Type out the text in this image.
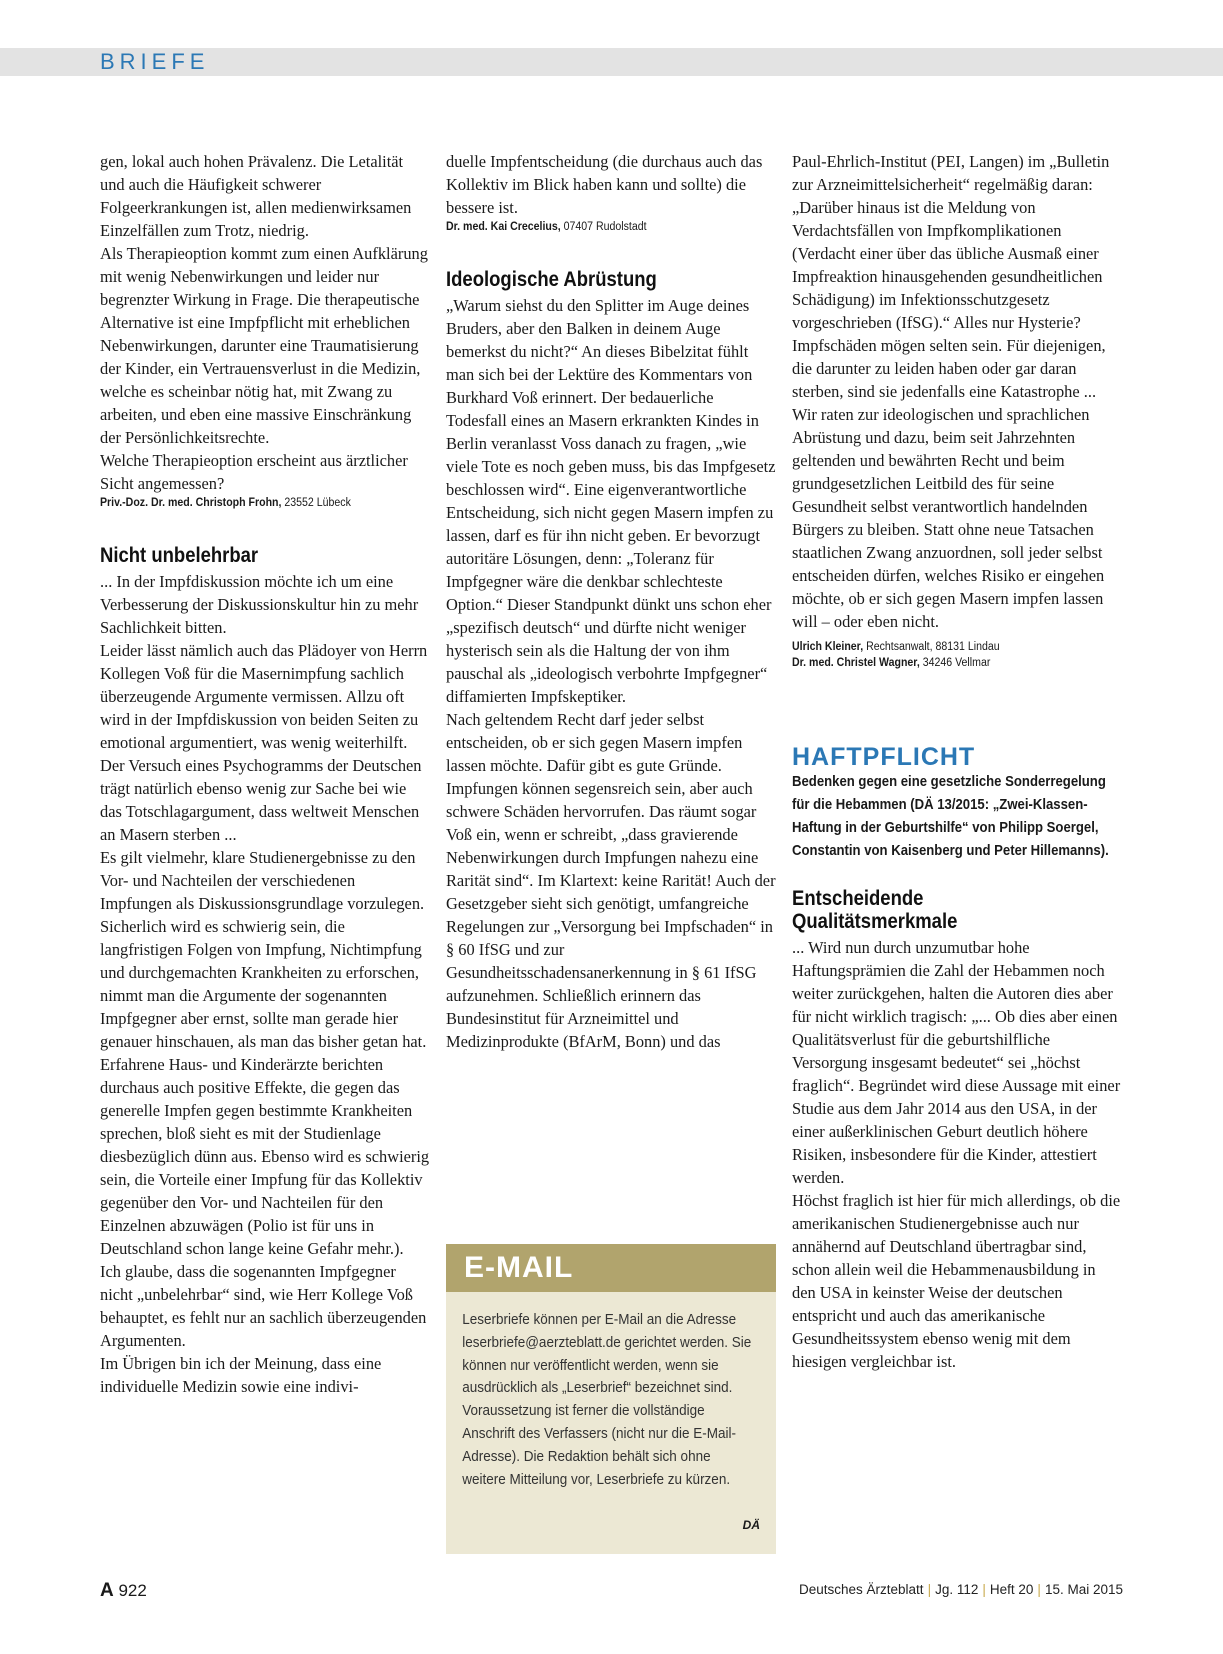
BRIEFE

gen, lokal auch hohen Prävalenz. Die Letalität und auch die Häufigkeit schwerer Folgeerkrankungen ist, allen medienwirksamen Einzelfällen zum Trotz, niedrig.

Als Therapieoption kommt zum einen Aufklärung mit wenig Nebenwirkungen und leider nur begrenzter Wirkung in Frage. Die therapeutische Alternative ist eine Impfpflicht mit erheblichen Nebenwirkungen, darunter eine Traumatisierung der Kinder, ein Vertrauensverlust in die Medizin, welche es scheinbar nötig hat, mit Zwang zu arbeiten, und eben eine massive Einschränkung der Persönlichkeitsrechte.

Welche Therapieoption erscheint aus ärztlicher Sicht angemessen?

Priv.-Doz. Dr. med. Christoph Frohn, 23552 Lübeck

Nicht unbelehrbar

... In der Impfdiskussion möchte ich um eine Verbesserung der Diskussionskultur hin zu mehr Sachlichkeit bitten.

Leider lässt nämlich auch das Plädoyer von Herrn Kollegen Voß für die Masernimpfung sachlich überzeugende Argumente vermissen. Allzu oft wird in der Impfdiskussion von beiden Seiten zu emotional argumentiert, was wenig weiterhilft. Der Versuch eines Psychogramms der Deutschen trägt natürlich ebenso wenig zur Sache bei wie das Totschlagargument, dass weltweit Menschen an Masern sterben ...

Es gilt vielmehr, klare Studienergebnisse zu den Vor- und Nachteilen der verschiedenen Impfungen als Diskussionsgrundlage vorzulegen. Sicherlich wird es schwierig sein, die langfristigen Folgen von Impfung, Nichtimpfung und durchgemachten Krankheiten zu erforschen, nimmt man die Argumente der sogenannten Impfgegner aber ernst, sollte man gerade hier genauer hinschauen, als man das bisher getan hat. Erfahrene Haus- und Kinderärzte berichten durchaus auch positive Effekte, die gegen das generelle Impfen gegen bestimmte Krankheiten sprechen, bloß sieht es mit der Studienlage diesbezüglich dünn aus. Ebenso wird es schwierig sein, die Vorteile einer Impfung für das Kollektiv gegenüber den Vor- und Nachteilen für den Einzelnen abzuwägen (Polio ist für uns in Deutschland schon lange keine Gefahr mehr.).

Ich glaube, dass die sogenannten Impfgegner nicht „unbelehrbar“ sind, wie Herr Kollege Voß behauptet, es fehlt nur an sachlich überzeugenden Argumenten.

Im Übrigen bin ich der Meinung, dass eine individuelle Medizin sowie eine indivi-

duelle Impfentscheidung (die durchaus auch das Kollektiv im Blick haben kann und sollte) die bessere ist.

Dr. med. Kai Crecelius, 07407 Rudolstadt

Ideologische Abrüstung

„Warum siehst du den Splitter im Auge deines Bruders, aber den Balken in deinem Auge bemerkst du nicht?“ An dieses Bibelzitat fühlt man sich bei der Lektüre des Kommentars von Burkhard Voß erinnert. Der bedauerliche Todesfall eines an Masern erkrankten Kindes in Berlin veranlasst Voss danach zu fragen, „wie viele Tote es noch geben muss, bis das Impfgesetz beschlossen wird“. Eine eigenverantwortliche Entscheidung, sich nicht gegen Masern impfen zu lassen, darf es für ihn nicht geben. Er bevorzugt autoritäre Lösungen, denn: „Toleranz für Impfgegner wäre die denkbar schlechteste Option.“ Dieser Standpunkt dünkt uns schon eher „spezifisch deutsch“ und dürfte nicht weniger hysterisch sein als die Haltung der von ihm pauschal als „ideologisch verbohrte Impfgegner“ diffamierten Impfskeptiker.

Nach geltendem Recht darf jeder selbst entscheiden, ob er sich gegen Masern impfen lassen möchte. Dafür gibt es gute Gründe. Impfungen können segensreich sein, aber auch schwere Schäden hervorrufen. Das räumt sogar Voß ein, wenn er schreibt, „dass gravierende Nebenwirkungen durch Impfungen nahezu eine Rarität sind“. Im Klartext: keine Rarität! Auch der Gesetzgeber sieht sich genötigt, umfangreiche Regelungen zur „Versorgung bei Impfschaden“ in § 60 IfSG und zur Gesundheitsschadensanerkennung in § 61 IfSG aufzunehmen. Schließlich erinnern das Bundesinstitut für Arzneimittel und Medizinprodukte (BfArM, Bonn) und das

E-MAIL
Leserbriefe können per E-Mail an die Adresse leserbriefe@aerzteblatt.de gerichtet werden. Sie können nur veröffentlicht werden, wenn sie ausdrücklich als „Leserbrief“ bezeichnet sind. Voraussetzung ist ferner die vollständige Anschrift des Verfassers (nicht nur die E-Mail-Adresse). Die Redaktion behält sich ohne weitere Mitteilung vor, Leserbriefe zu kürzen.
DÄ

Paul-Ehrlich-Institut (PEI, Langen) im „Bulletin zur Arzneimittelsicherheit“ regelmäßig daran: „Darüber hinaus ist die Meldung von Verdachtsfällen von Impfkomplikationen (Verdacht einer über das übliche Ausmaß einer Impfreaktion hinausgehenden gesundheitlichen Schädigung) im Infektionsschutzgesetz vorgeschrieben (IfSG).“ Alles nur Hysterie? Impfschäden mögen selten sein. Für diejenigen, die darunter zu leiden haben oder gar daran sterben, sind sie jedenfalls eine Katastrophe ...

Wir raten zur ideologischen und sprachlichen Abrüstung und dazu, beim seit Jahrzehnten geltenden und bewährten Recht und beim grundgesetzlichen Leitbild des für seine Gesundheit selbst verantwortlich handelnden Bürgers zu bleiben. Statt ohne neue Tatsachen staatlichen Zwang anzuordnen, soll jeder selbst entscheiden dürfen, welches Risiko er eingehen möchte, ob er sich gegen Masern impfen lassen will – oder eben nicht.

Ulrich Kleiner, Rechtsanwalt, 88131 Lindau

Dr. med. Christel Wagner, 34246 Vellmar

HAFTPFLICHT

Bedenken gegen eine gesetzliche Sonderregelung für die Hebammen (DÄ 13/2015: „Zwei-Klassen-Haftung in der Geburtshilfe“ von Philipp Soergel, Constantin von Kaisenberg und Peter Hillemanns).

Entscheidende
Qualitätsmerkmale

... Wird nun durch unzumutbar hohe Haftungsprämien die Zahl der Hebammen noch weiter zurückgehen, halten die Autoren dies aber für nicht wirklich tragisch: „... Ob dies aber einen Qualitätsverlust für die geburtshilfliche Versorgung insgesamt bedeutet“ sei „höchst fraglich“. Begründet wird diese Aussage mit einer Studie aus dem Jahr 2014 aus den USA, in der einer außerklinischen Geburt deutlich höhere Risiken, insbesondere für die Kinder, attestiert werden.

Höchst fraglich ist hier für mich allerdings, ob die amerikanischen Studienergebnisse auch nur annähernd auf Deutschland übertragbar sind, schon allein weil die Hebammenausbildung in den USA in keinster Weise der deutschen entspricht und auch das amerikanische Gesundheitssystem ebenso wenig mit dem hiesigen vergleichbar ist.

A 922	Deutsches Ärzteblatt | Jg. 112 | Heft 20 | 15. Mai 2015
